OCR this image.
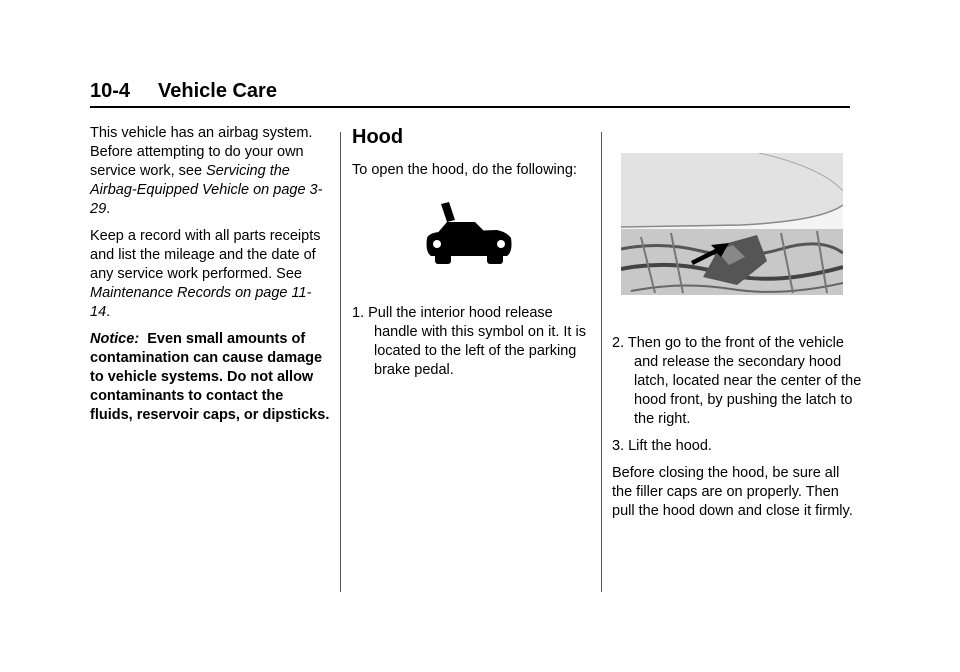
10-4 Vehicle Care

This vehicle has an airbag system. Before attempting to do your own service work, see Servicing the Airbag-Equipped Vehicle on page 3-29.

Keep a record with all parts receipts and list the mileage and the date of any service work performed. See Maintenance Records on page 11-14.

Notice: Even small amounts of contamination can cause damage to vehicle systems. Do not allow contaminants to contact the fluids, reservoir caps, or dipsticks.

Hood

To open the hood, do the following:

1. Pull the interior hood release handle with this symbol on it. It is located to the left of the parking brake pedal.

2. Then go to the front of the vehicle and release the secondary hood latch, located near the center of the hood front, by pushing the latch to the right.

3. Lift the hood.

Before closing the hood, be sure all the filler caps are on properly. Then pull the hood down and close it firmly.
